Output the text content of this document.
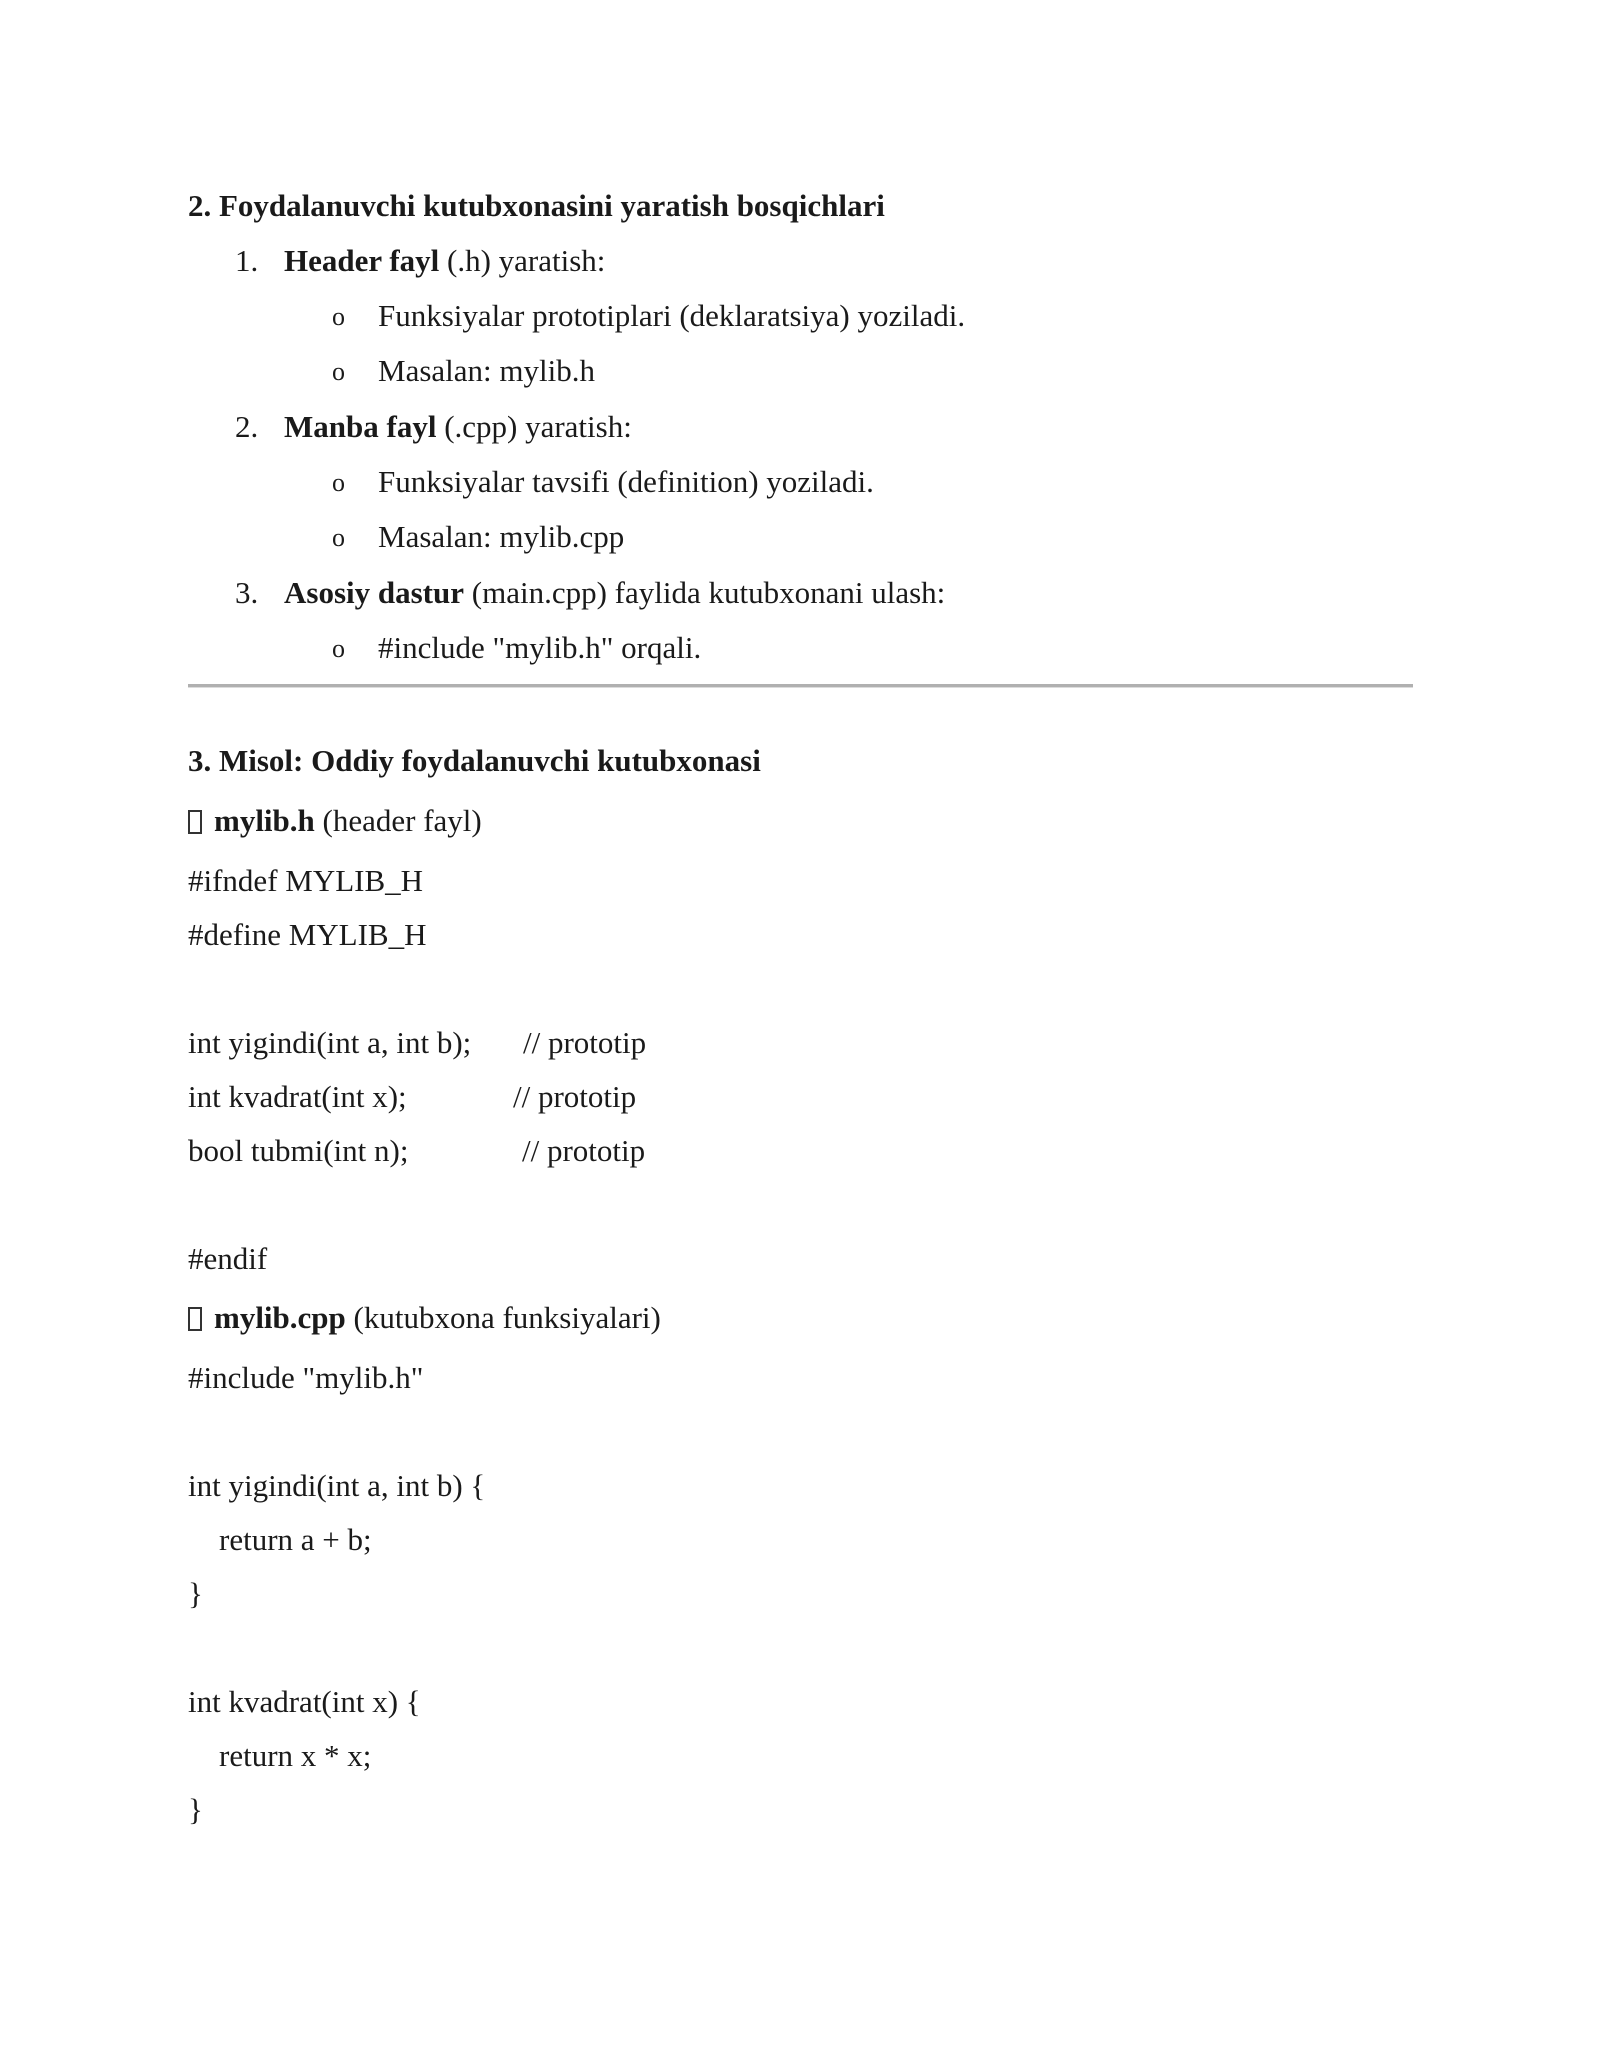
2. Foydalanuvchi kutubxonasini yaratish bosqichlari
1. Header fayl (.h) yaratish:
o Funksiyalar prototiplari (deklaratsiya) yoziladi.
o Masalan: mylib.h
2. Manba fayl (.cpp) yaratish:
o Funksiyalar tavsifi (definition) yoziladi.
o Masalan: mylib.cpp
3. Asosiy dastur (main.cpp) faylida kutubxonani ulash:
o #include "mylib.h" orqali.
3. Misol: Oddiy foydalanuvchi kutubxonasi
mylib.h (header fayl)
#ifndef MYLIB_H
#define MYLIB_H
int yigindi(int a, int b); // prototip
int kvadrat(int x);	// prototip
bool tubmi(int n);	// prototip
#endif
mylib.cpp (kutubxona funksiyalari)
#include "mylib.h"
int yigindi(int a, int b) {
return a + b;
}
int kvadrat(int x) {
return x * x;
}
